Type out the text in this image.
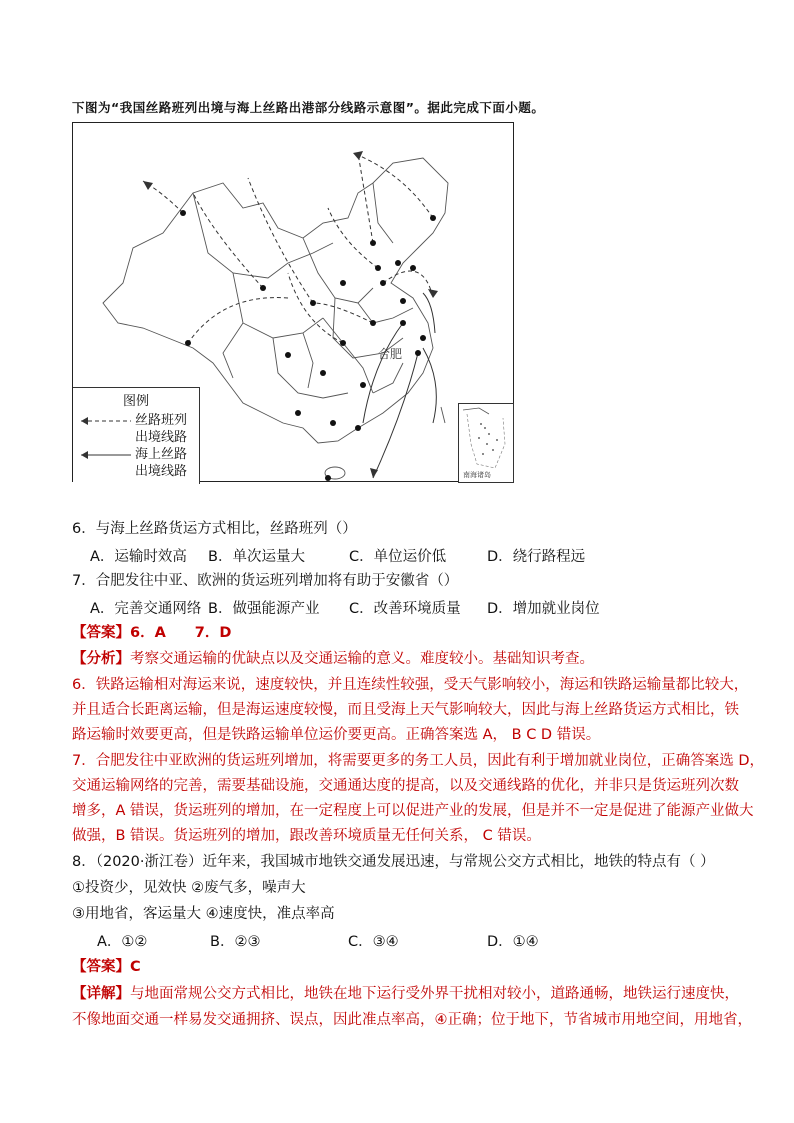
下图为“我国丝路班列出境与海上丝路出港部分线路示意图”。据此完成下面小题。
合肥
图例
丝路班列
出境线路
海上丝路
出境线路	南海诸岛
6．与海上丝路货运方式相比，丝路班列（）
A．运输时效高 B．单次运量大	C．单位运价低	D．绕行路程远
7．合肥发往中亚、欧洲的货运班列增加将有助于安徽省（）
A．完善交通网络 B．做强能源产业 C．改善环境质量 D．增加就业岗位
【答案】6．A　　7．D
【分析】考察交通运输的优缺点以及交通运输的意义。难度较小。基础知识考查。
6．铁路运输相对海运来说，速度较快，并且连续性较强，受天气影响较小，海运和铁路运输量都比较大，
并且适合长距离运输，但是海运速度较慢，而且受海上天气影响较大，因此与海上丝路货运方式相比，铁
路运输时效要更高，但是铁路运输单位运价要更高。正确答案选 A， B C D 错误。
7．合肥发往中亚欧洲的货运班列增加，将需要更多的务工人员，因此有利于增加就业岗位，正确答案选 D，
交通运输网络的完善，需要基础设施，交通通达度的提高，以及交通线路的优化，并非只是货运班列次数
增多，A 错误，货运班列的增加，在一定程度上可以促进产业的发展，但是并不一定是促进了能源产业做大
做强，B 错误。货运班列的增加，跟改善环境质量无任何关系， C 错误。
8．（2020·浙江卷）近年来，我国城市地铁交通发展迅速，与常规公交方式相比，地铁的特点有（ ）
①投资少，见效快 ②废气多，噪声大
③用地省，客运量大 ④速度快，准点率高
A．①②	B．②③	C．③④	D．①④
【答案】C
【详解】与地面常规公交方式相比，地铁在地下运行受外界干扰相对较小，道路通畅，地铁运行速度快，
不像地面交通一样易发交通拥挤、误点，因此准点率高，④正确；位于地下，节省城市用地空间，用地省，
